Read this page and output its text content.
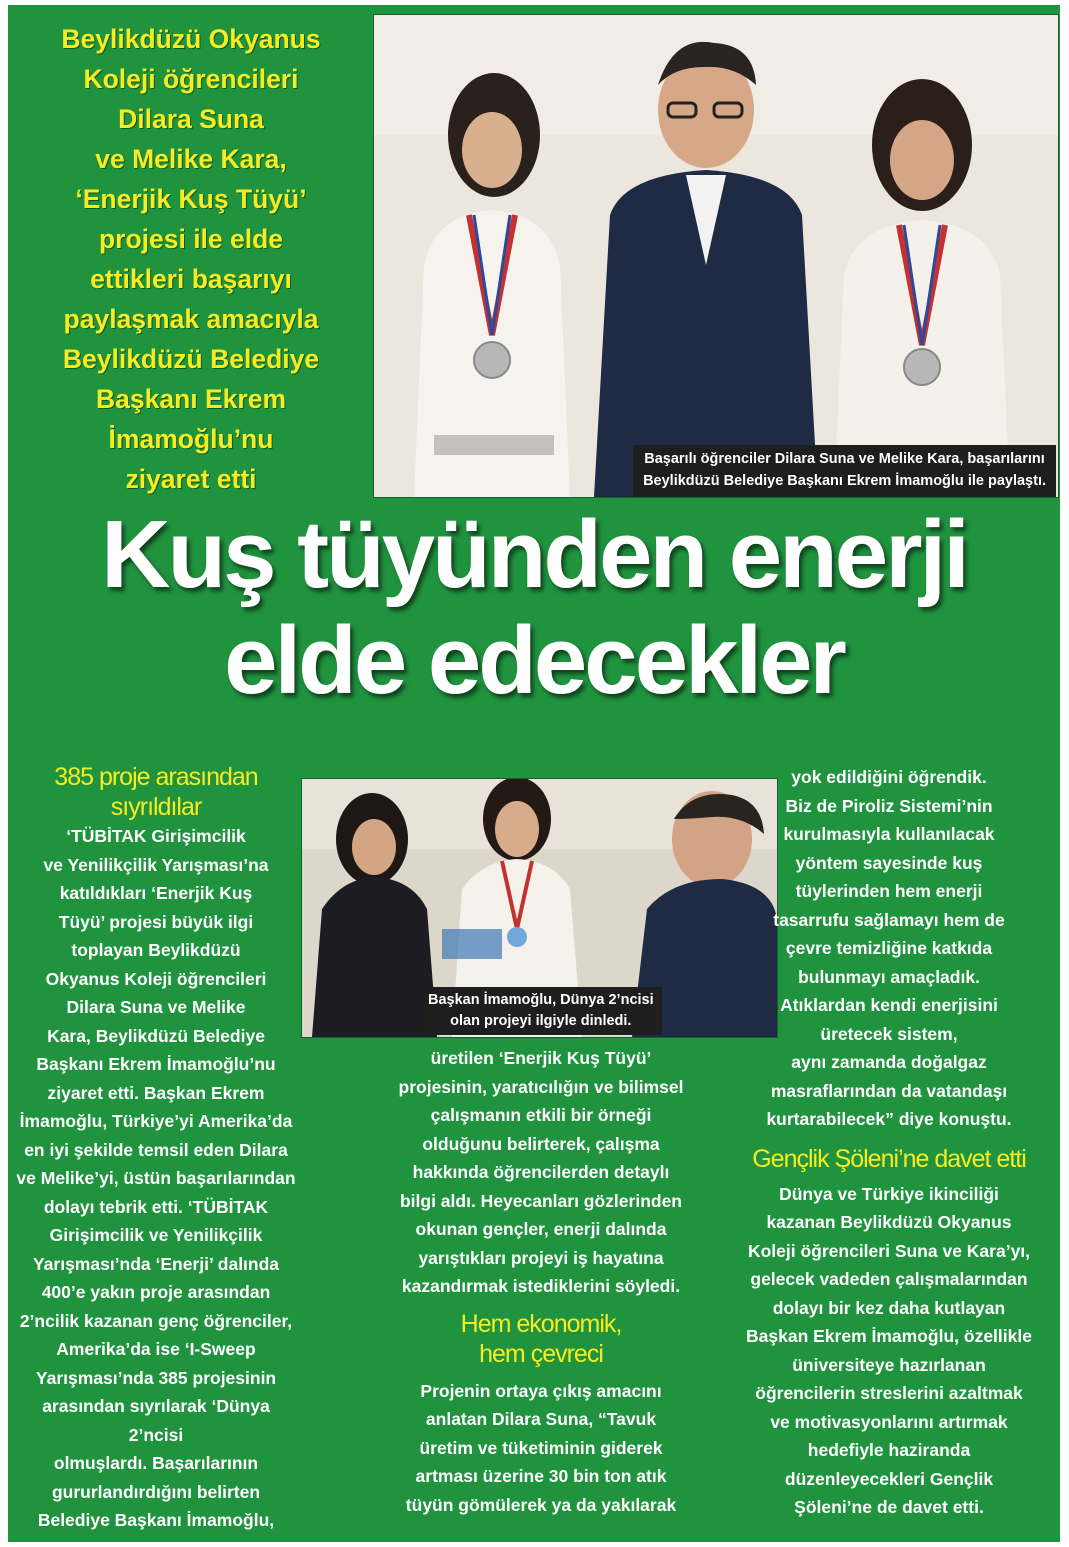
Beylikdüzü Okyanus
Koleji öğrencileri
Dilara Suna
ve Melike Kara,
‘Enerjik Kuş Tüyü’
projesi ile elde
ettikleri başarıyı
paylaşmak amacıyla
Beylikdüzü Belediye
Başkanı Ekrem
İmamoğlu’nu
ziyaret etti
Başarılı öğrenciler Dilara Suna ve Melike Kara, başarılarını
Beylikdüzü Belediye Başkanı Ekrem İmamoğlu ile paylaştı.
Kuş tüyünden enerji
elde edecekler
385 proje arasından
sıyrıldılar

‘TÜBİTAK Girişimcilik

ve Yenilikçilik Yarışması’na

katıldıkları ‘Enerjik Kuş

Tüyü’ projesi büyük ilgi

toplayan Beylikdüzü

Okyanus Koleji öğrencileri

Dilara Suna ve Melike

Kara, Beylikdüzü Belediye

Başkanı Ekrem İmamoğlu’nu

ziyaret etti. Başkan Ekrem

İmamoğlu, Türkiye’yi Amerika’da

en iyi şekilde temsil eden Dilara

ve Melike’yi, üstün başarılarından

dolayı tebrik etti. ‘TÜBİTAK

Girişimcilik ve Yenilikçilik

Yarışması’nda ‘Enerji’ dalında

400’e yakın proje arasından

2’ncilik kazanan genç öğrenciler,

Amerika’da ise ‘I-Sweep

Yarışması’nda 385 projesinin

arasından sıyrılarak ‘Dünya 2’ncisi

olmuşlardı. Başarılarının

gururlandırdığını belirten

Belediye Başkanı İmamoğlu,

Başkan İmamoğlu, Dünya 2’ncisi
olan projeyi ilgiyle dinledi.

üretilen ‘Enerjik Kuş Tüyü’

projesinin, yaratıcılığın ve bilimsel

çalışmanın etkili bir örneği

olduğunu belirterek, çalışma

hakkında öğrencilerden detaylı

bilgi aldı. Heyecanları gözlerinden

okunan gençler, enerji dalında

yarıştıkları projeyi iş hayatına

kazandırmak istediklerini söyledi.

Hem ekonomik,
hem çevreci

Projenin ortaya çıkış amacını

anlatan Dilara Suna, “Tavuk

üretim ve tüketiminin giderek

artması üzerine 30 bin ton atık

tüyün gömülerek ya da yakılarak

yok edildiğini öğrendik.

Biz de Piroliz Sistemi’nin

kurulmasıyla kullanılacak

yöntem sayesinde kuş

tüylerinden hem enerji

tasarrufu sağlamayı hem de

çevre temizliğine katkıda

bulunmayı amaçladık.

Atıklardan kendi enerjisini

üretecek sistem,

aynı zamanda doğalgaz

masraflarından da vatandaşı

kurtarabilecek” diye konuştu.

Gençlik Şöleni’ne davet etti

Dünya ve Türkiye ikinciliği

kazanan Beylikdüzü Okyanus

Koleji öğrencileri Suna ve Kara’yı,

gelecek vadeden çalışmalarından

dolayı bir kez daha kutlayan

Başkan Ekrem İmamoğlu, özellikle

üniversiteye hazırlanan

öğrencilerin streslerini azaltmak

ve motivasyonlarını artırmak

hedefiyle haziranda

düzenleyecekleri Gençlik

Şöleni’ne de davet etti.
